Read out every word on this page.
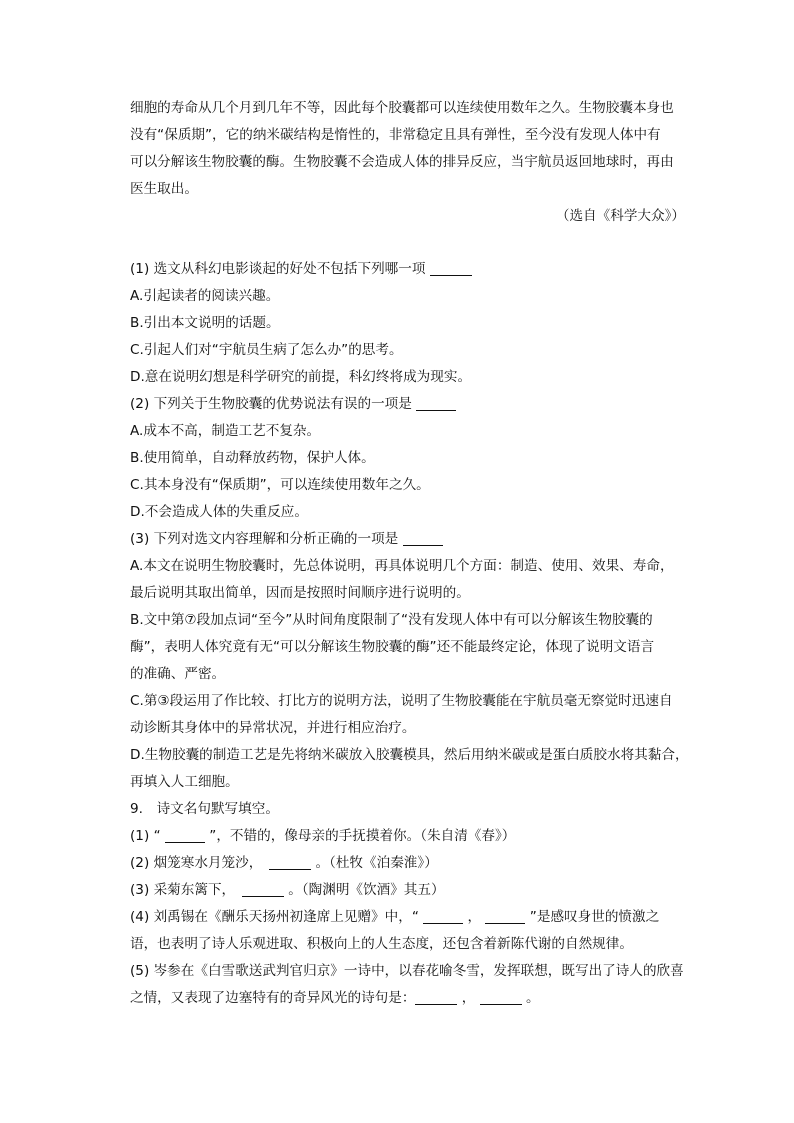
细胞的寿命从几个月到几年不等，因此每个胶囊都可以连续使用数年之久。生物胶囊本身也
没有“保质期”，它的纳米碳结构是惰性的，非常稳定且具有弹性，至今没有发现人体中有
可以分解该生物胶囊的酶。生物胶囊不会造成人体的排异反应，当宇航员返回地球时，再由
医生取出。
（选自《科学大众》）
(1) 选文从科幻电影谈起的好处不包括下列哪一项
A.引起读者的阅读兴趣。
B.引出本文说明的话题。
C.引起人们对“宇航员生病了怎么办”的思考。
D.意在说明幻想是科学研究的前提，科幻终将成为现实。
(2) 下列关于生物胶囊的优势说法有误的一项是
A.成本不高，制造工艺不复杂。
B.使用简单，自动释放药物，保护人体。
C.其本身没有“保质期”，可以连续使用数年之久。
D.不会造成人体的失重反应。
(3) 下列对选文内容理解和分析正确的一项是
A.本文在说明生物胶囊时，先总体说明，再具体说明几个方面：制造、使用、效果、寿命，
最后说明其取出简单，因而是按照时间顺序进行说明的。
B.文中第⑦段加点词“至今”从时间角度限制了“没有发现人体中有可以分解该生物胶囊的
酶”，表明人体究竟有无“可以分解该生物胶囊的酶”还不能最终定论，体现了说明文语言
的准确、严密。
C.第③段运用了作比较、打比方的说明方法，说明了生物胶囊能在宇航员毫无察觉时迅速自
动诊断其身体中的异常状况，并进行相应治疗。
D.生物胶囊的制造工艺是先将纳米碳放入胶囊模具，然后用纳米碳或是蛋白质胶水将其黏合，
再填入人工细胞。
9.　诗文名句默写填空。
(1) “	”，不错的，像母亲的手抚摸着你。（朱自清《春》）
(2) 烟笼寒水月笼沙，　	。（杜牧《泊秦淮》）
(3) 采菊东篱下，　	。（陶渊明《饮酒》其五）
(4) 刘禹锡在《酬乐天扬州初逢席上见赠》中，“	，	”是感叹身世的愤激之
语，也表明了诗人乐观进取、积极向上的人生态度，还包含着新陈代谢的自然规律。
(5) 岑参在《白雪歌送武判官归京》一诗中，以春花喻冬雪，发挥联想，既写出了诗人的欣喜
之情，又表现了边塞特有的奇异风光的诗句是：	，	。
